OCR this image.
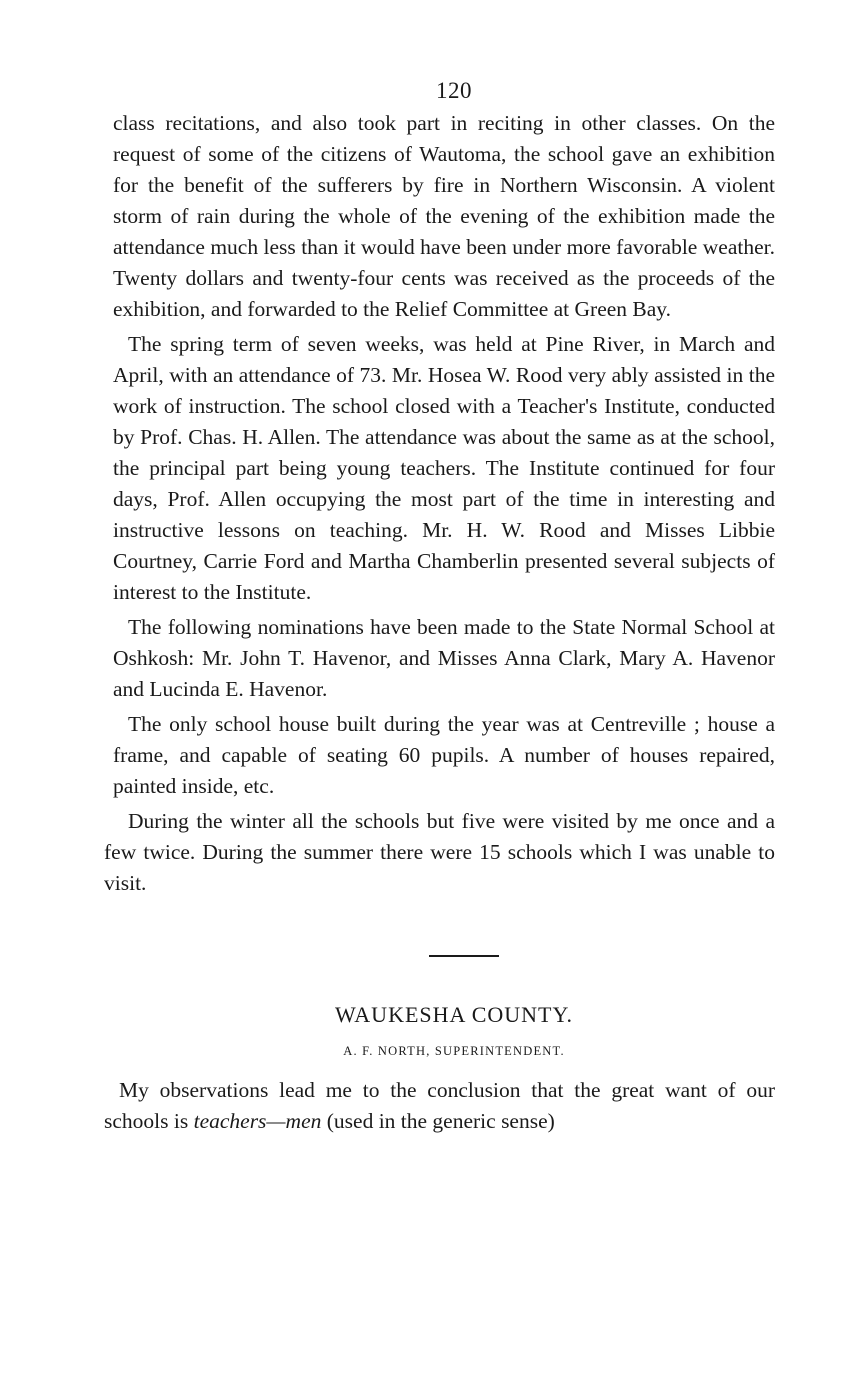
120

class recitations, and also took part in reciting in other classes. On the request of some of the citizens of Wautoma, the school gave an exhibition for the benefit of the sufferers by fire in Northern Wisconsin. A violent storm of rain during the whole of the evening of the exhibition made the attendance much less than it would have been under more favorable weather. Twenty dollars and twenty-four cents was received as the proceeds of the exhibition, and forwarded to the Relief Committee at Green Bay.

The spring term of seven weeks, was held at Pine River, in March and April, with an attendance of 73. Mr. Hosea W. Rood very ably assisted in the work of instruction. The school closed with a Teacher's Institute, conducted by Prof. Chas. H. Allen. The attendance was about the same as at the school, the principal part being young teachers. The Institute continued for four days, Prof. Allen occupying the most part of the time in interesting and instructive lessons on teaching. Mr. H. W. Rood and Misses Libbie Courtney, Carrie Ford and Martha Chamberlin presented several subjects of interest to the Institute.

The following nominations have been made to the State Normal School at Oshkosh: Mr. John T. Havenor, and Misses Anna Clark, Mary A. Havenor and Lucinda E. Havenor.

The only school house built during the year was at Centreville ; house a frame, and capable of seating 60 pupils. A number of houses repaired, painted inside, etc.

During the winter all the schools but five were visited by me once and a few twice. During the summer there were 15 schools which I was unable to visit.

WAUKESHA COUNTY.
A. F. NORTH, SUPERINTENDENT.

My observations lead me to the conclusion that the great want of our schools is teachers—men (used in the generic sense)
